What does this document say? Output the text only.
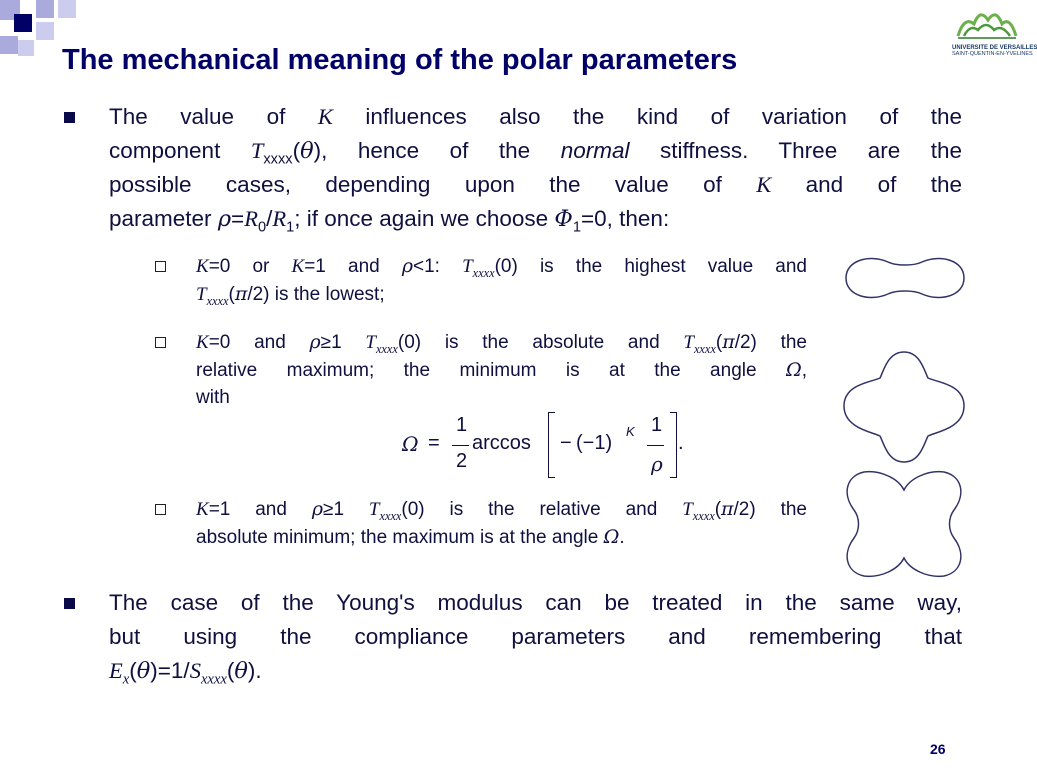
UNIVERSITE DE VERSAILLES
SAINT-QUENTIN-EN-YVELINES
The mechanical meaning of the polar parameters
The value of K influences also the kind of variation of the
component $T_{xxxx}(\theta)$, hence of the normal stiffness. Three are the
possible cases, depending upon the value of K and of the
parameter $\rho=R_0/R_1$; if once again we choose $\Phi_1=0$, then:
K=0 or K=1 and ρ<1: $T_{xxxx}(0)$ is the highest value and
$T_{xxxx}(\pi/2)$ is the lowest;
K=0 and ρ≥1 $T_{xxxx}(0)$ is the absolute and $T_{xxxx}(\pi/2)$ the
relative maximum; the minimum is at the angle Ω,
with
Ω =
1
2
arccos − (−1)
K 1
ρ
.
K=1 and ρ≥1 $T_{xxxx}(0)$ is the relative and $T_{xxxx}(\pi/2)$ the
absolute minimum; the maximum is at the angle Ω.
The case of the Young's modulus can be treated in the same way,
but using the compliance parameters and remembering that
$E_x(\theta)=1/S_{xxxx}(\theta)$.
26
